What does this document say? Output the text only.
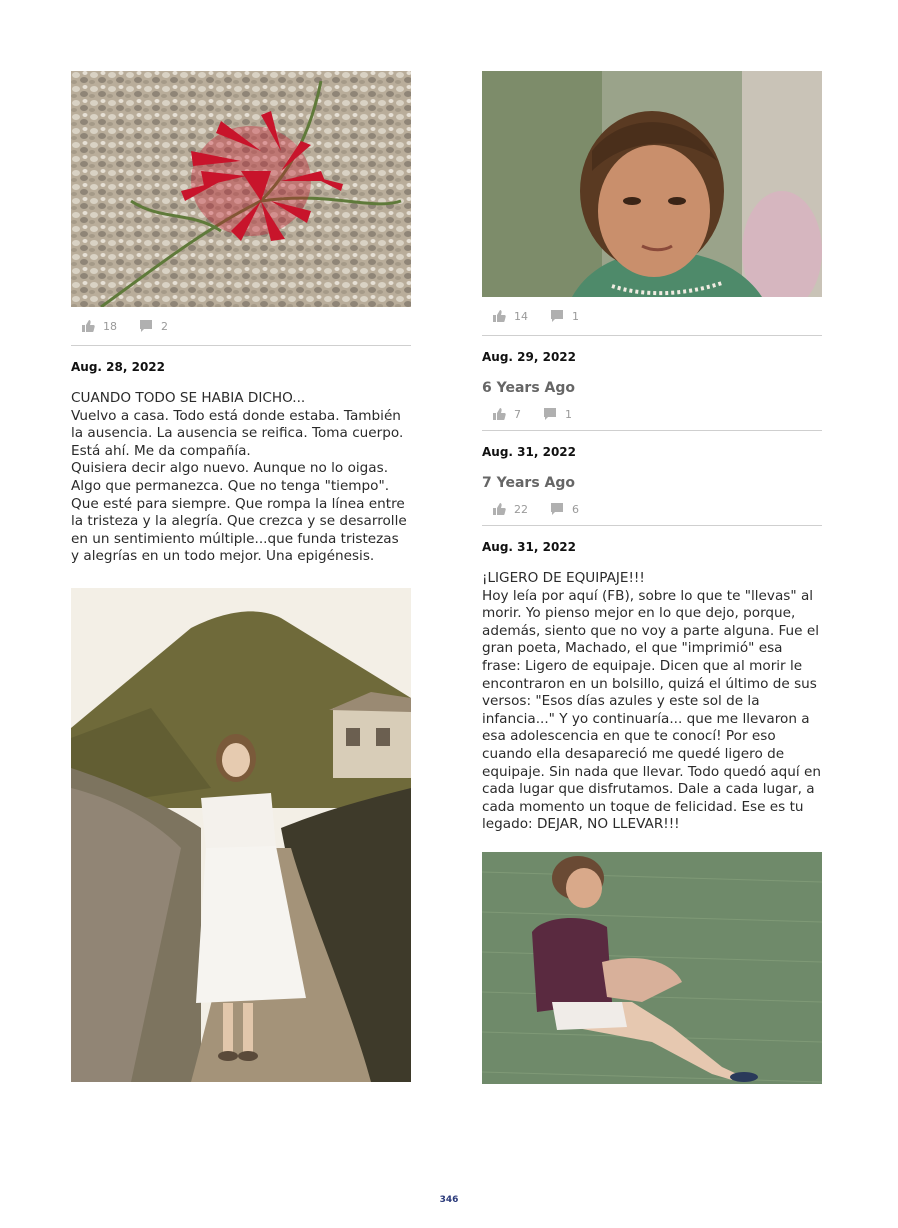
18	2
Aug. 28, 2022
CUANDO TODO SE HABIA DICHO...
Vuelvo a casa. Todo está donde estaba. También la ausencia. La ausencia se reifica. Toma cuerpo. Está ahí. Me da compañía.
Quisiera decir algo nuevo. Aunque no lo oigas. Algo que permanezca. Que no tenga "tiempo". Que esté para siempre. Que rompa la línea entre la tristeza y la alegría. Que crezca y se desarrolle en un sentimiento múltiple...que funda tristezas y alegrías en un todo mejor. Una epigénesis.
14	1
Aug. 29, 2022
6 Years Ago
7	1
Aug. 31, 2022
7 Years Ago
22	6
Aug. 31, 2022
¡LIGERO DE EQUIPAJE!!!
Hoy leía por aquí (FB), sobre lo que te "llevas" al morir. Yo pienso mejor en lo que dejo, porque, además, siento que no voy a parte alguna. Fue el gran poeta, Machado, el que "imprimió" esa frase: Ligero de equipaje. Dicen que al morir le encontraron en un bolsillo, quizá el último de sus versos: "Esos días azules y este sol de la infancia..." Y yo continuaría... que me llevaron a esa adolescencia en que te conocí! Por eso cuando ella desapareció me quedé ligero de equipaje. Sin nada que llevar. Todo quedó aquí en cada lugar que disfrutamos. Dale a cada lugar, a cada momento un toque de felicidad. Ese es tu legado: DEJAR, NO LLEVAR!!!
346
